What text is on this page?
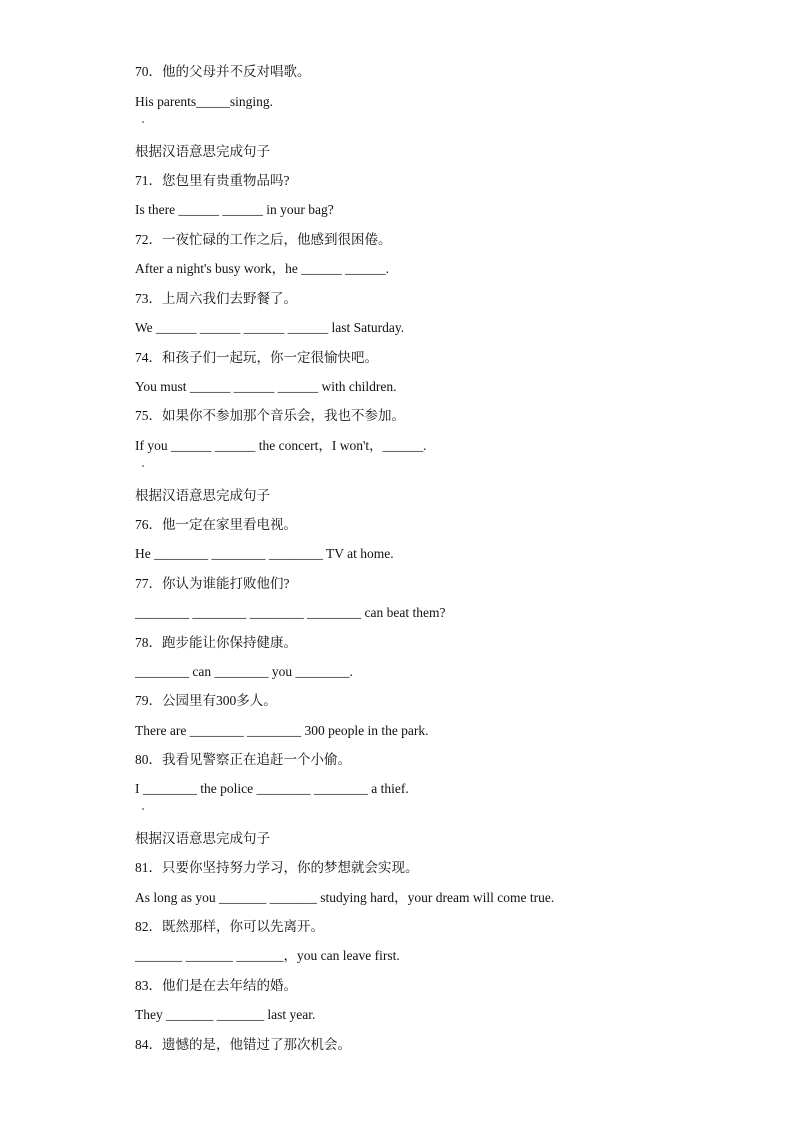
70．他的父母并不反对唱歌。
His parents_____singing.
根据汉语意思完成句子
71．您包里有贵重物品吗?
Is there ______ ______ in your bag?
72．一夜忙碌的工作之后，他感到很困倦。
After a night's busy work，he ______ ______.
73．上周六我们去野餐了。
We ______ ______ ______ ______ last Saturday.
74．和孩子们一起玩，你一定很愉快吧。
You must ______ ______ ______ with children.
75．如果你不参加那个音乐会，我也不参加。
If you ______ ______ the concert，I won't，______.
根据汉语意思完成句子
76．他一定在家里看电视。
He ________ ________ ________ TV at home.
77．你认为谁能打败他们?
________ ________ ________ ________ can beat them?
78．跑步能让你保持健康。
________ can ________ you ________.
79．公园里有300多人。
There are ________ ________ 300 people in the park.
80．我看见警察正在追赶一个小偷。
I ________ the police ________ ________ a thief.
根据汉语意思完成句子
81．只要你坚持努力学习，你的梦想就会实现。
As long as you _______ _______ studying hard，your dream will come true.
82．既然那样，你可以先离开。
_______ _______ _______，you can leave first.
83．他们是在去年结的婚。
They _______ _______ last year.
84．遗憾的是，他错过了那次机会。
